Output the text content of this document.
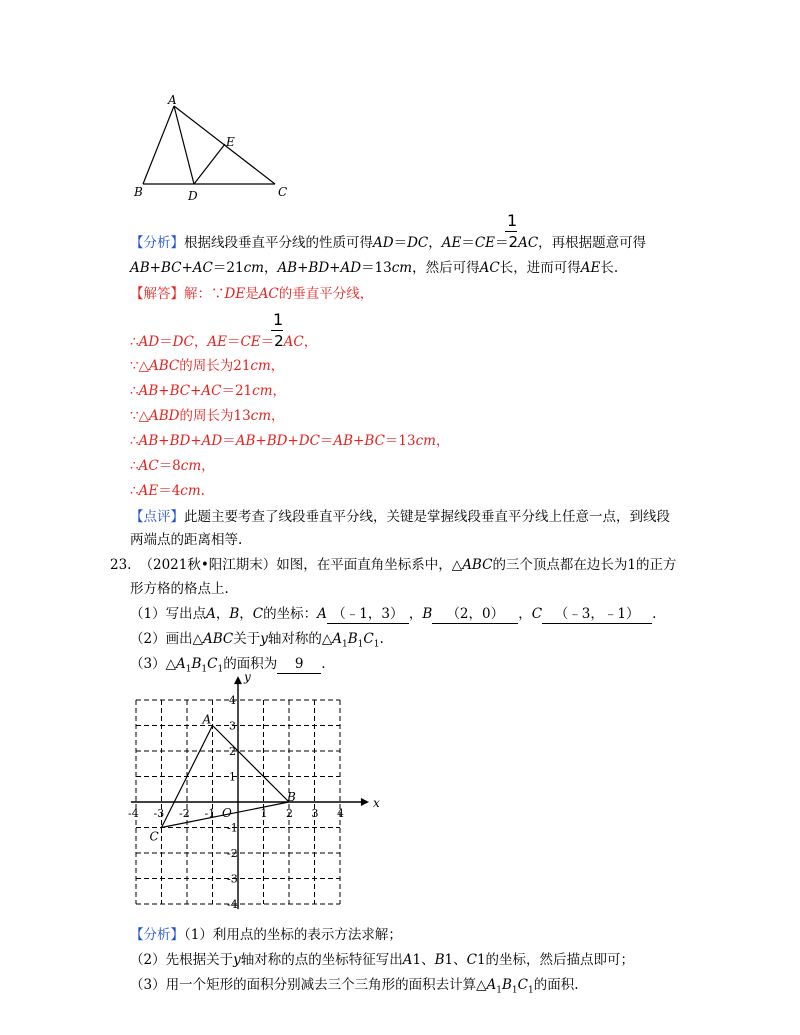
A
E
B	D	C
1
【分析】根据线段垂直平分线的性质可得AD＝DC，AE＝CE＝2AC，再根据题意可得
AB+BC+AC＝21cm，AB+BD+AD＝13cm，然后可得AC长，进而可得AE长.
【解答】解：∵DE是AC的垂直平分线，
1
∴AD＝DC，AE＝CE＝2AC，
∵△ABC的周长为21cm，
∴AB+BC+AC＝21cm，
∵△ABD的周长为13cm，
∴AB+BD+AD＝AB+BD+DC＝AB+BC＝13cm，
∴AC＝8cm，
∴AE＝4cm.
【点评】此题主要考查了线段垂直平分线，关键是掌握线段垂直平分线上任意一点，到线段
两端点的距离相等.
23. （2021秋•阳江期末）如图，在平面直角坐标系中，△ABC的三个顶点都在边长为1的正方
形方格的格点上.
（1）写出点A，B，C的坐标：A （﹣1，3） ，B （2，0） ，C （﹣3，﹣1） .
（2）画出△ABC关于y轴对称的$\triangle A_1B_1C_1$.
$(3)\triangle A_1B_1C_1$的面积为 9 .
x
y
-4 -3 -2 -1	1 2 3 4
4
3
2
1
-1
-2
-3
-4
O
A
B
C
【分析】（1）利用点的坐标的表示方法求解；
（2）先根据关于y轴对称的点的坐标特征写出A1、B1、C1的坐标，然后描点即可；
（3）用一个矩形的面积分别减去三个三角形的面积去计算$\triangle A_1B_1C_1$的面积.
